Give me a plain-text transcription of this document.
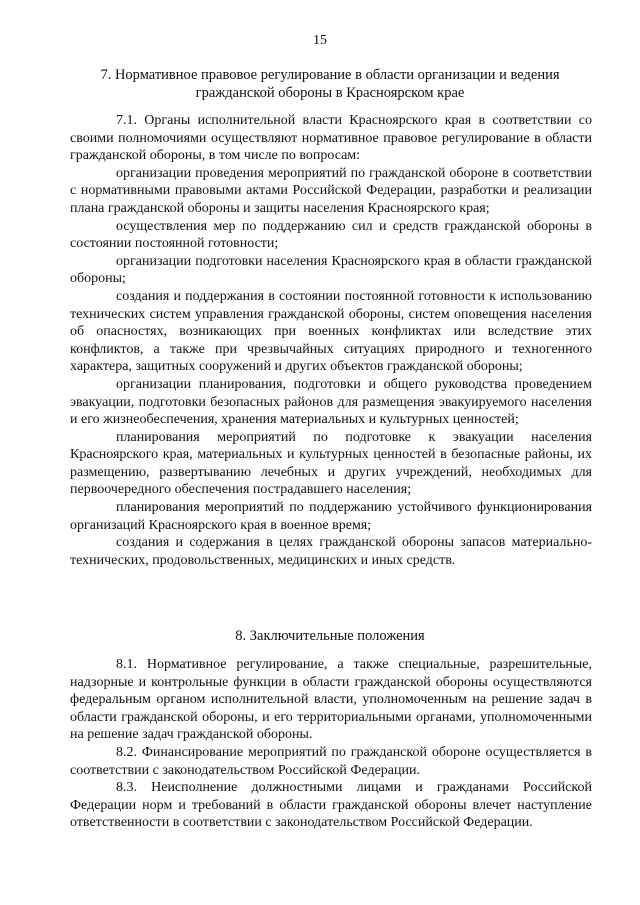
15
7. Нормативное правовое регулирование в области организации и ведения
гражданской обороны в Красноярском крае

7.1. Органы исполнительной власти Красноярского края в соответствии со своими полномочиями осуществляют нормативное правовое регулирование в области гражданской обороны, в том числе по вопросам:

организации проведения мероприятий по гражданской обороне в соответствии с нормативными правовыми актами Российской Федерации, разработки и реализации плана гражданской обороны и защиты населения Красноярского края;

осуществления мер по поддержанию сил и средств гражданской обороны в состоянии постоянной готовности;

организации подготовки населения Красноярского края в области гражданской обороны;

создания и поддержания в состоянии постоянной готовности к использованию технических систем управления гражданской обороны, систем оповещения населения об опасностях, возникающих при военных конфликтах или вследствие этих конфликтов, а также при чрезвычайных ситуациях природного и техногенного характера, защитных сооружений и других объектов гражданской обороны;

организации планирования, подготовки и общего руководства проведением эвакуации, подготовки безопасных районов для размещения эвакуируемого населения и его жизнеобеспечения, хранения материальных и культурных ценностей;

планирования мероприятий по подготовке к эвакуации населения Красноярского края, материальных и культурных ценностей в безопасные районы, их размещению, развертыванию лечебных и других учреждений, необходимых для первоочередного обеспечения пострадавшего населения;

планирования мероприятий по поддержанию устойчивого функционирования организаций Красноярского края в военное время;

создания и содержания в целях гражданской обороны запасов материально-технических, продовольственных, медицинских и иных средств.

8. Заключительные положения

8.1. Нормативное регулирование, а также специальные, разрешительные, надзорные и контрольные функции в области гражданской обороны осуществляются федеральным органом исполнительной власти, уполномоченным на решение задач в области гражданской обороны, и его территориальными органами, уполномоченными на решение задач гражданской обороны.

8.2. Финансирование мероприятий по гражданской обороне осуществляется в соответствии с законодательством Российской Федерации.

8.3. Неисполнение должностными лицами и гражданами Российской Федерации норм и требований в области гражданской обороны влечет наступление ответственности в соответствии с законодательством Российской Федерации.
